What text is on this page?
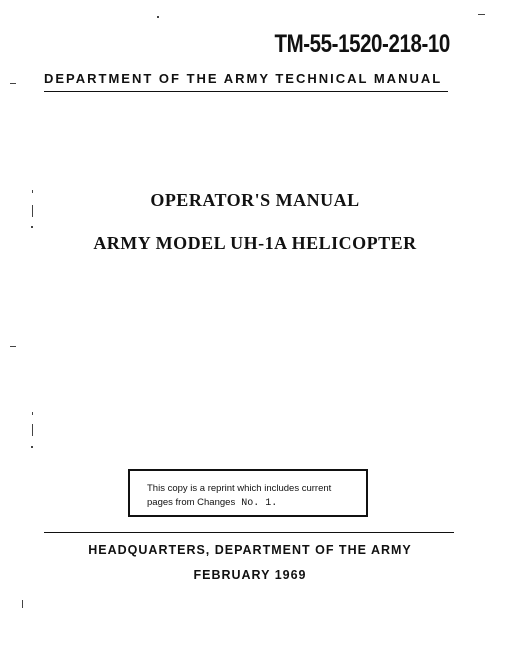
TM-55-1520-218-10
DEPARTMENT OF THE ARMY TECHNICAL MANUAL
OPERATOR'S MANUAL
ARMY MODEL UH-1A HELICOPTER
This copy is a reprint which includes current
pages from Changes No. 1.
HEADQUARTERS, DEPARTMENT OF THE ARMY
FEBRUARY 1969
